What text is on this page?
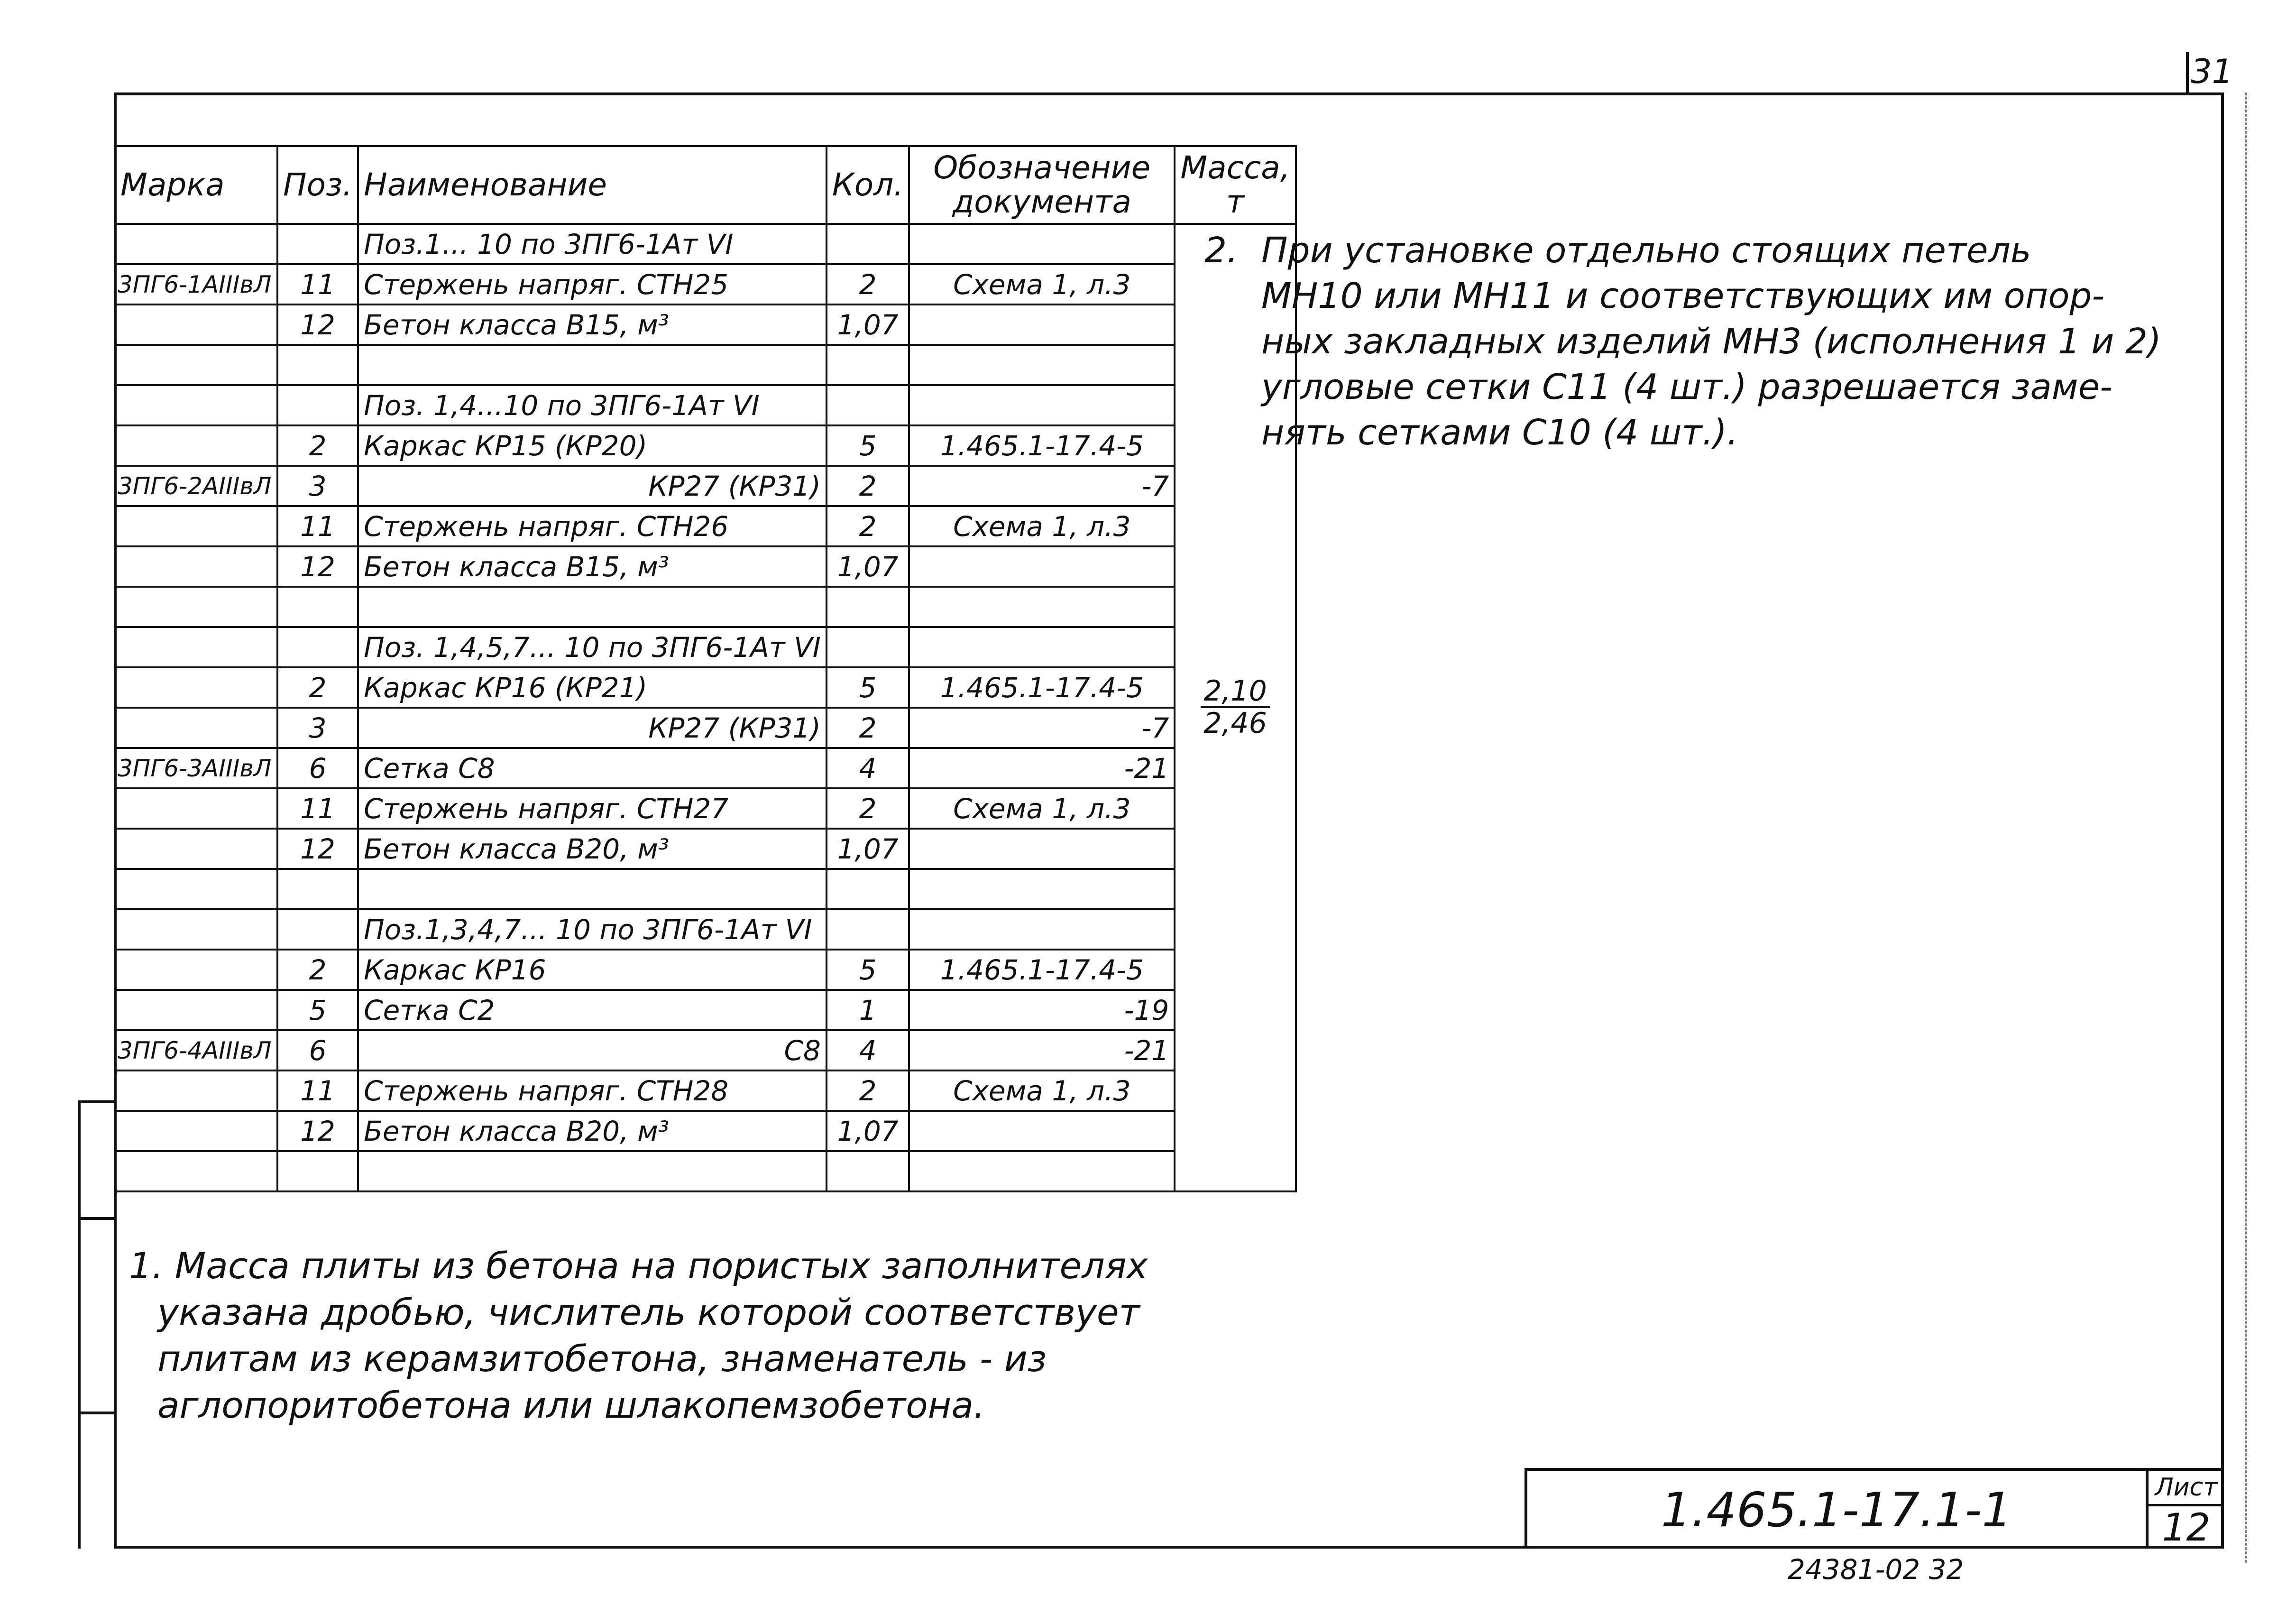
31
Марка	Поз.	Наименование	Кол.	Обозначение документа	Масса, т
		Поз.1... 10 по 3ПГ6-1Ат VI			$\frac{2,10}{2,46}$

3ПГ6-1АIIIвЛ	11	Стержень напряг. СТН25	2	Схема 1, л.3	
	12	Бетон класса В15, м³	1,07		

		Поз. 1,4...10 по 3ПГ6-1Ат VI			
	2	Каркас КР15 (КР20)	5	1.465.1-17.4-5	
3ПГ6-2АIIIвЛ	3	КР27 (КР31)	2	-7	
	11	Стержень напряг. СТН26	2	Схема 1, л.3	
	12	Бетон класса В15, м³	1,07		

		Поз. 1,4,5,7... 10 по 3ПГ6-1Ат VI			
	2	Каркас КР16 (КР21)	5	1.465.1-17.4-5	
	3	КР27 (КР31)	2	-7	
3ПГ6-3АIIIвЛ	6	Сетка С8	4	-21	
	11	Стержень напряг. СТН27	2	Схема 1, л.3	
	12	Бетон класса В20, м³	1,07		

		Поз.1,3,4,7... 10 по 3ПГ6-1Ат VI			
	2	Каркас КР16	5	1.465.1-17.4-5	
	5	Сетка С2	1	-19	
3ПГ6-4АIIIвЛ	6	С8	4	-21	
	11	Стержень напряг. СТН28	2	Схема 1, л.3	
	12	Бетон класса В20, м³	1,07		

2. При установке отдельно стоящих петель
МН10 или МН11 и соответствующих им опор-
ных закладных изделий МН3 (исполнения 1 и 2)
угловые сетки С11 (4 шт.) разрешается заме-
нять сетками С10 (4 шт.).
1. Масса плиты из бетона на пористых заполнителях
указана дробью, числитель которой соответствует
плитам из керамзитобетона, знаменатель - из
аглопоритобетона или шлакопемзобетона.
1.465.1-17.1-1	Лист
12
24381-02 32
